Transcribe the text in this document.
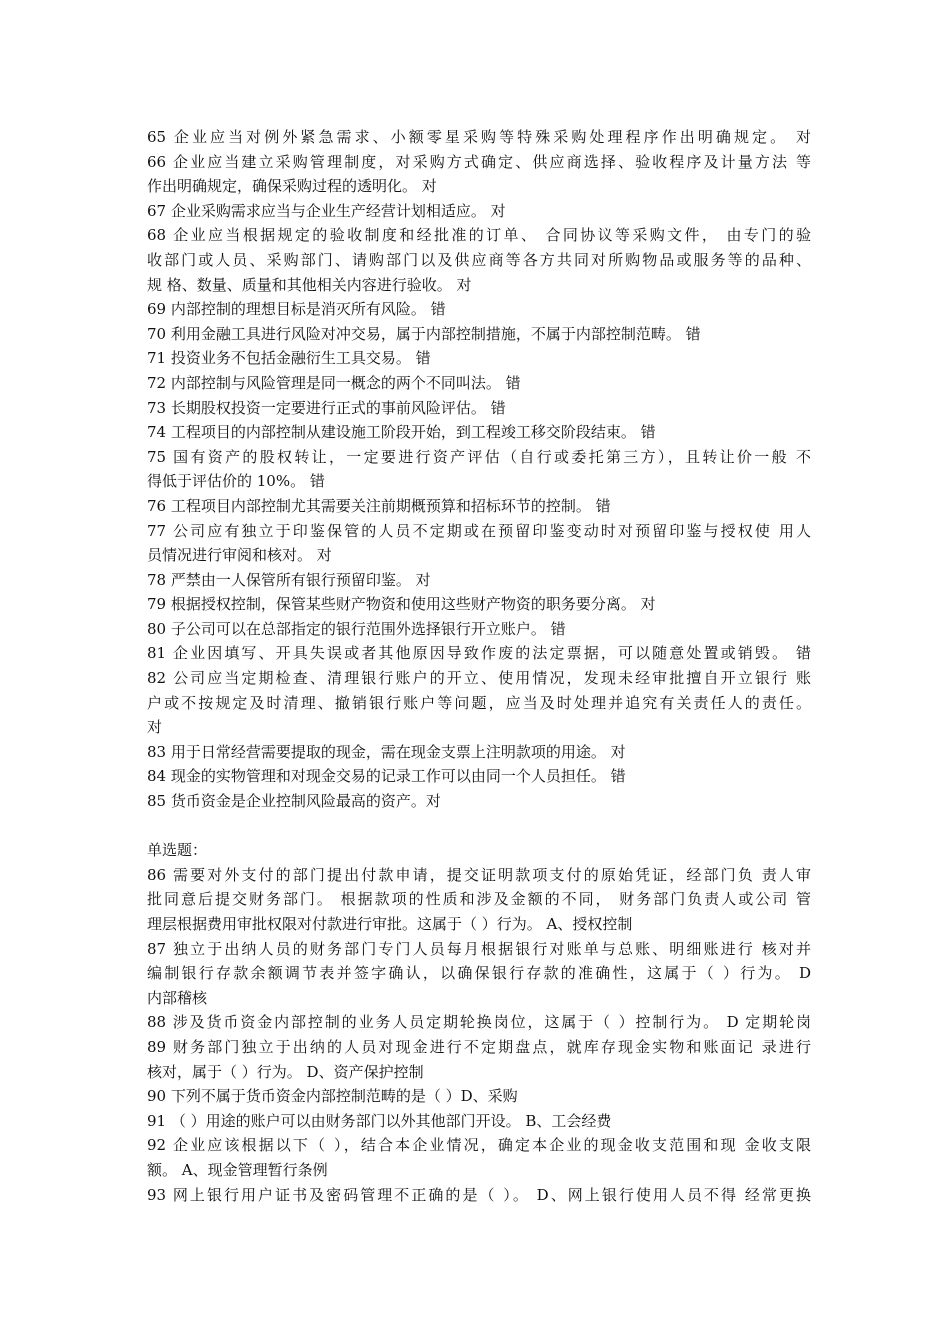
65 企业应当对例外紧急需求、小额零星采购等特殊采购处理程序作出明确规定。 对
66 企业应当建立采购管理制度，对采购方式确定、供应商选择、验收程序及计量方法 等
作出明确规定，确保采购过程的透明化。 对
67 企业采购需求应当与企业生产经营计划相适应。 对
68 企业应当根据规定的验收制度和经批准的订单、 合同协议等采购文件， 由专门的验
收部门或人员、采购部门、请购部门以及供应商等各方共同对所购物品或服务等的品种、
规 格、数量、质量和其他相关内容进行验收。 对
69 内部控制的理想目标是消灭所有风险。 错
70 利用金融工具进行风险对冲交易，属于内部控制措施，不属于内部控制范畴。 错
71 投资业务不包括金融衍生工具交易。 错
72 内部控制与风险管理是同一概念的两个不同叫法。 错
73 长期股权投资一定要进行正式的事前风险评估。 错
74 工程项目的内部控制从建设施工阶段开始，到工程竣工移交阶段结束。 错
75 国有资产的股权转让，一定要进行资产评估（自行或委托第三方），且转让价一般 不
得低于评估价的 10%。 错
76 工程项目内部控制尤其需要关注前期概预算和招标环节的控制。 错
77 公司应有独立于印鉴保管的人员不定期或在预留印鉴变动时对预留印鉴与授权使 用人
员情况进行审阅和核对。 对
78 严禁由一人保管所有银行预留印鉴。 对
79 根据授权控制，保管某些财产物资和使用这些财产物资的职务要分离。 对
80 子公司可以在总部指定的银行范围外选择银行开立账户。 错
81 企业因填写、开具失误或者其他原因导致作废的法定票据，可以随意处置或销毁。 错
82 公司应当定期检查、清理银行账户的开立、使用情况，发现未经审批擅自开立银行 账
户或不按规定及时清理、撤销银行账户等问题，应当及时处理并追究有关责任人的责任。
对
83 用于日常经营需要提取的现金，需在现金支票上注明款项的用途。 对
84 现金的实物管理和对现金交易的记录工作可以由同一个人员担任。 错
85 货币资金是企业控制风险最高的资产。对
单选题：
86 需要对外支付的部门提出付款申请，提交证明款项支付的原始凭证，经部门负 责人审
批同意后提交财务部门。 根据款项的性质和涉及金额的不同， 财务部门负责人或公司 管
理层根据费用审批权限对付款进行审批。这属于（ ）行为。 A、授权控制
87 独立于出纳人员的财务部门专门人员每月根据银行对账单与总账、明细账进行 核对并
编制银行存款余额调节表并签字确认，以确保银行存款的准确性，这属于（ ）行为。 D
内部稽核
88 涉及货币资金内部控制的业务人员定期轮换岗位，这属于（ ）控制行为。 D 定期轮岗
89 财务部门独立于出纳的人员对现金进行不定期盘点，就库存现金实物和账面记 录进行
核对，属于（ ）行为。 D、资产保护控制
90 下列不属于货币资金内部控制范畴的是（ ）D、采购
91 （ ）用途的账户可以由财务部门以外其他部门开设。 B、工会经费
92 企业应该根据以下（ ），结合本企业情况，确定本企业的现金收支范围和现 金收支限
额。 A、现金管理暂行条例
93 网上银行用户证书及密码管理不正确的是（ ）。 D、网上银行使用人员不得 经常更换
